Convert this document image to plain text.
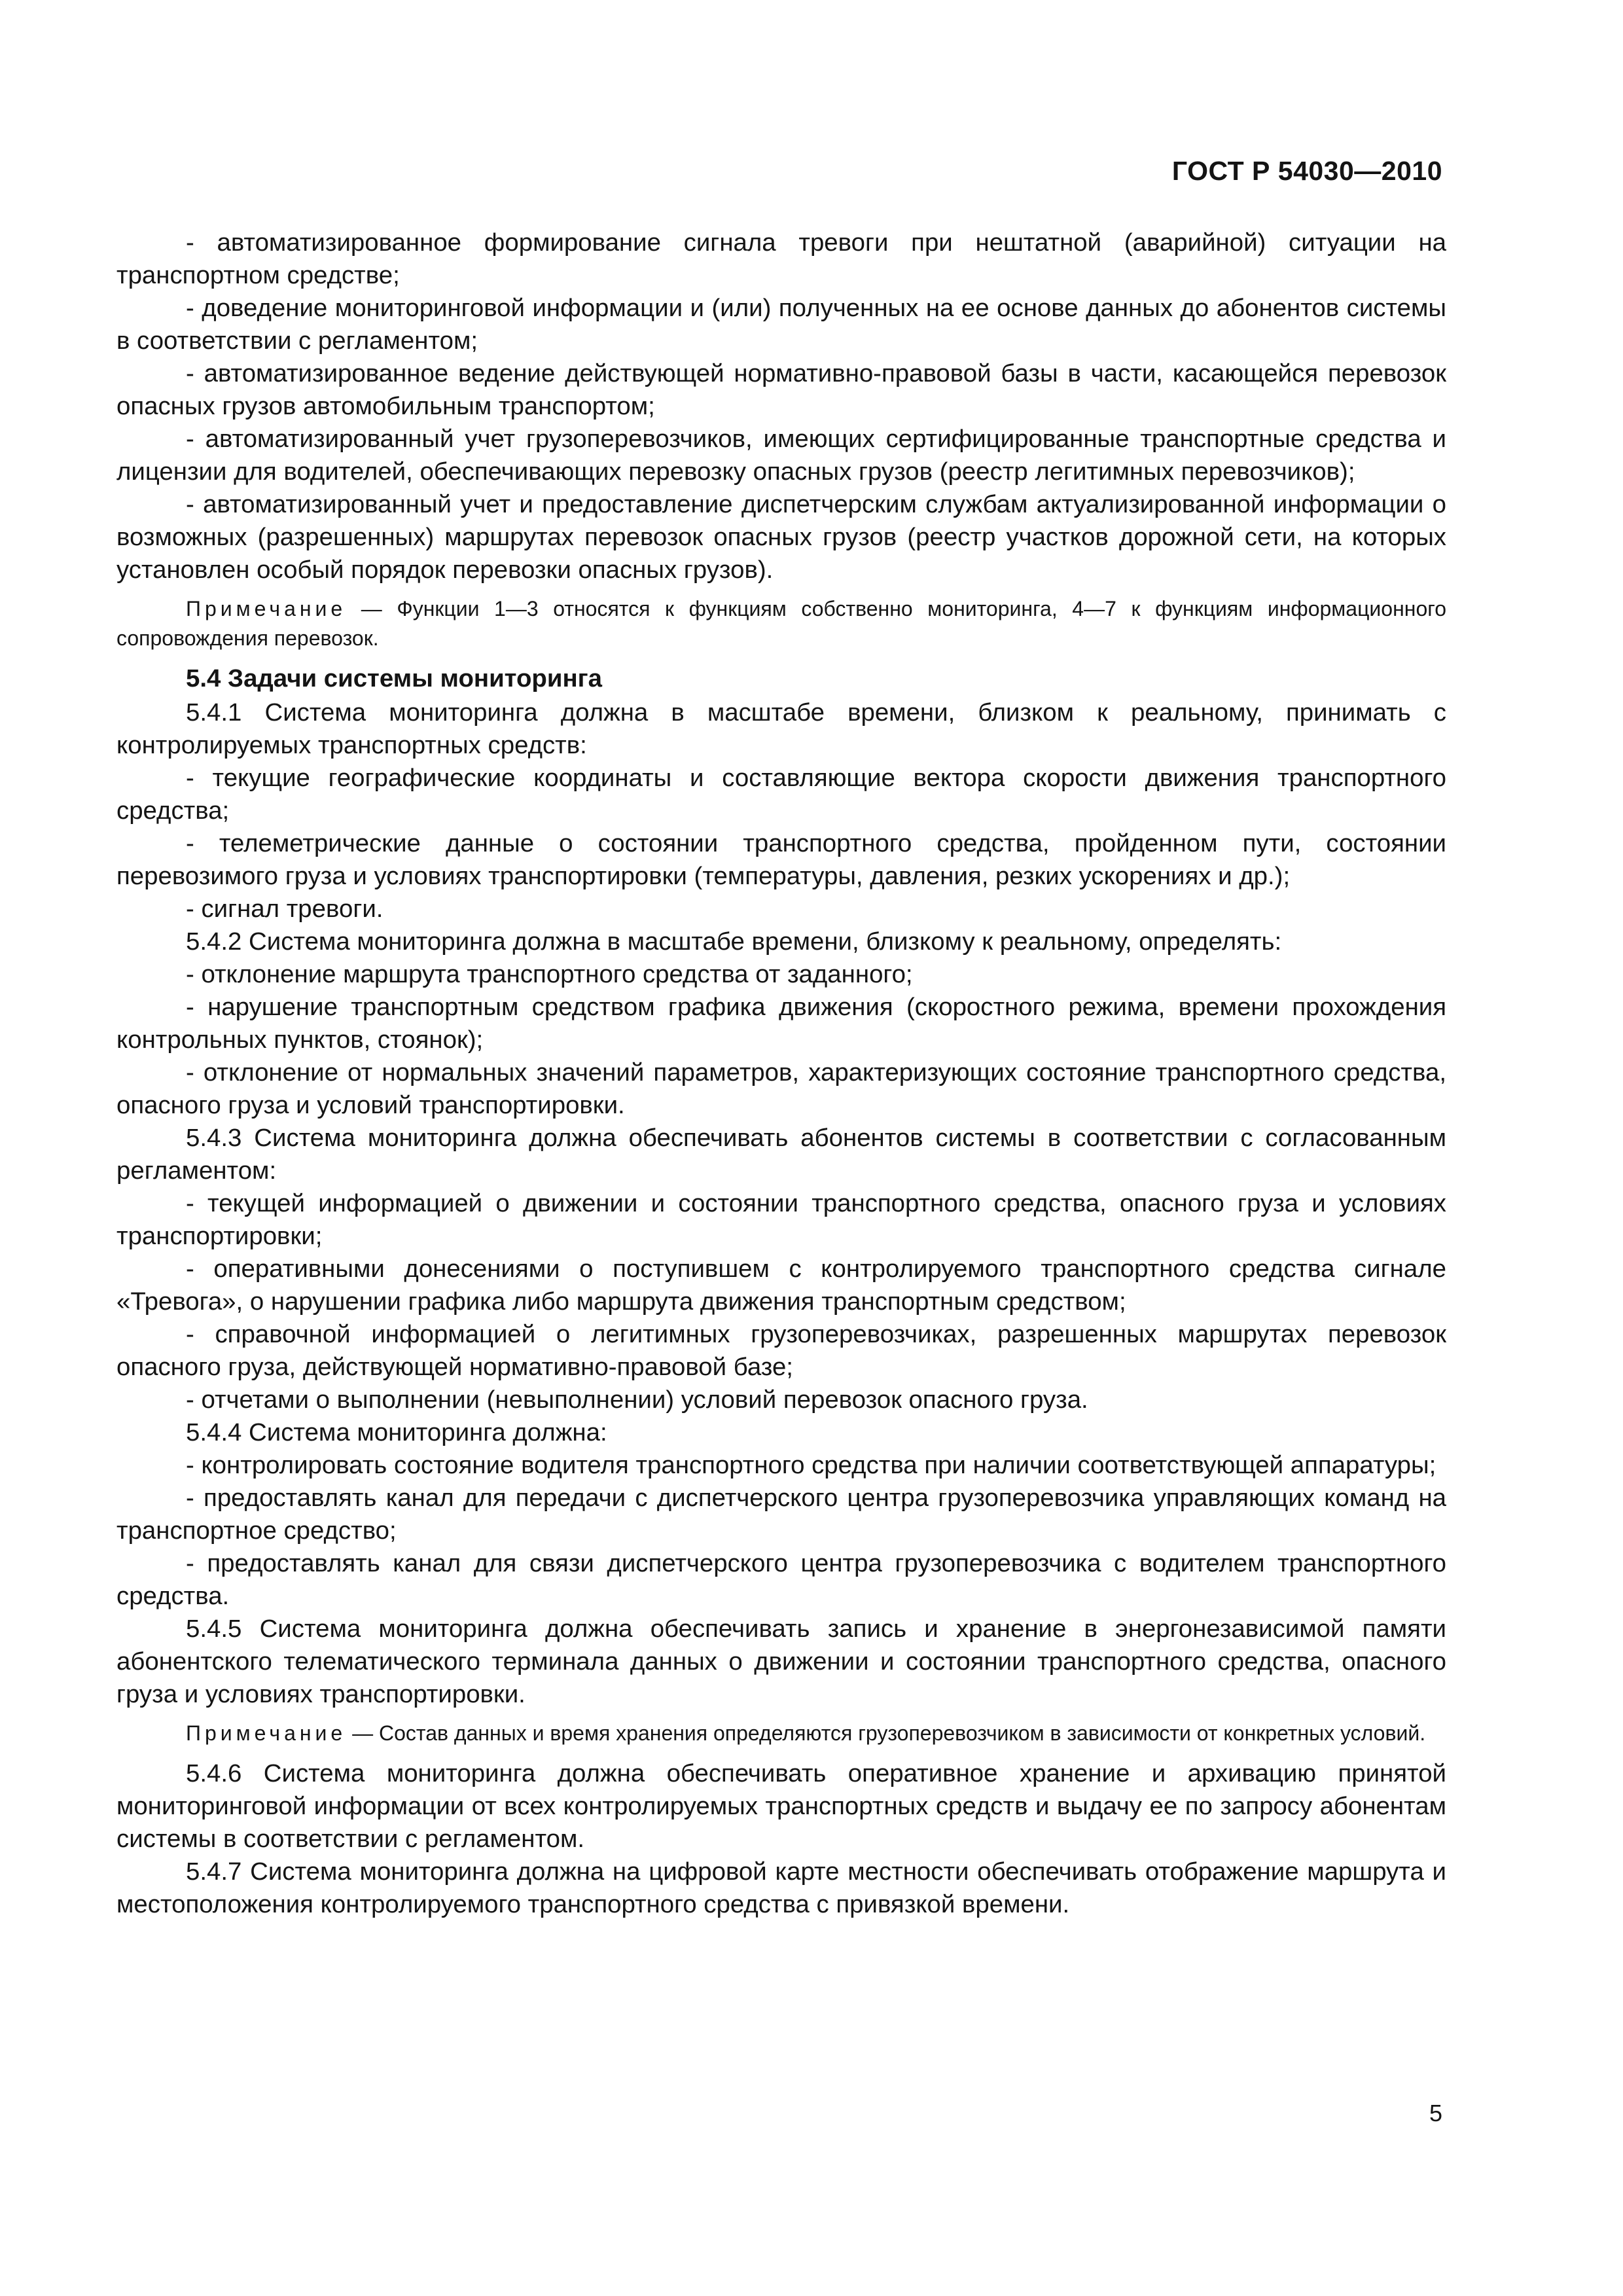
ГОСТ Р 54030—2010
- автоматизированное формирование сигнала тревоги при нештатной (аварийной) ситуации на транспортном средстве;
- доведение мониторинговой информации и (или) полученных на ее основе данных до абонентов системы в соответствии с регламентом;
- автоматизированное ведение действующей нормативно-правовой базы в части, касающейся перевозок опасных грузов автомобильным транспортом;
- автоматизированный учет грузоперевозчиков, имеющих сертифицированные транспортные средства и лицензии для водителей, обеспечивающих перевозку опасных грузов (реестр легитимных перевозчиков);
- автоматизированный учет и предоставление диспетчерским службам актуализированной информации о возможных (разрешенных) маршрутах перевозок опасных грузов (реестр участков дорожной сети, на которых установлен особый порядок перевозки опасных грузов).
Примечание — Функции 1—3 относятся к функциям собственно мониторинга, 4—7 к функциям информационного сопровождения перевозок.
5.4 Задачи системы мониторинга
5.4.1 Система мониторинга должна в масштабе времени, близком к реальному, принимать с контролируемых транспортных средств:
- текущие географические координаты и составляющие вектора скорости движения транспортного средства;
- телеметрические данные о состоянии транспортного средства, пройденном пути, состоянии перевозимого груза и условиях транспортировки (температуры, давления, резких ускорениях и др.);
- сигнал тревоги.
5.4.2 Система мониторинга должна в масштабе времени, близкому к реальному, определять:
- отклонение маршрута транспортного средства от заданного;
- нарушение транспортным средством графика движения (скоростного режима, времени прохождения контрольных пунктов, стоянок);
- отклонение от нормальных значений параметров, характеризующих состояние транспортного средства, опасного груза и условий транспортировки.
5.4.3 Система мониторинга должна обеспечивать абонентов системы в соответствии с согласованным регламентом:
- текущей информацией о движении и состоянии транспортного средства, опасного груза и условиях транспортировки;
- оперативными донесениями о поступившем с контролируемого транспортного средства сигнале «Тревога», о нарушении графика либо маршрута движения транспортным средством;
- справочной информацией о легитимных грузоперевозчиках, разрешенных маршрутах перевозок опасного груза, действующей нормативно-правовой базе;
- отчетами о выполнении (невыполнении) условий перевозок опасного груза.
5.4.4 Система мониторинга должна:
- контролировать состояние водителя транспортного средства при наличии соответствующей аппаратуры;
- предоставлять канал для передачи с диспетчерского центра грузоперевозчика управляющих команд на транспортное средство;
- предоставлять канал для связи диспетчерского центра грузоперевозчика с водителем транспортного средства.
5.4.5 Система мониторинга должна обеспечивать запись и хранение в энергонезависимой памяти абонентского телематического терминала данных о движении и состоянии транспортного средства, опасного груза и условиях транспортировки.
Примечание — Состав данных и время хранения определяются грузоперевозчиком в зависимости от конкретных условий.
5.4.6 Система мониторинга должна обеспечивать оперативное хранение и архивацию принятой мониторинговой информации от всех контролируемых транспортных средств и выдачу ее по запросу абонентам системы в соответствии с регламентом.
5.4.7 Система мониторинга должна на цифровой карте местности обеспечивать отображение маршрута и местоположения контролируемого транспортного средства с привязкой времени.
5
